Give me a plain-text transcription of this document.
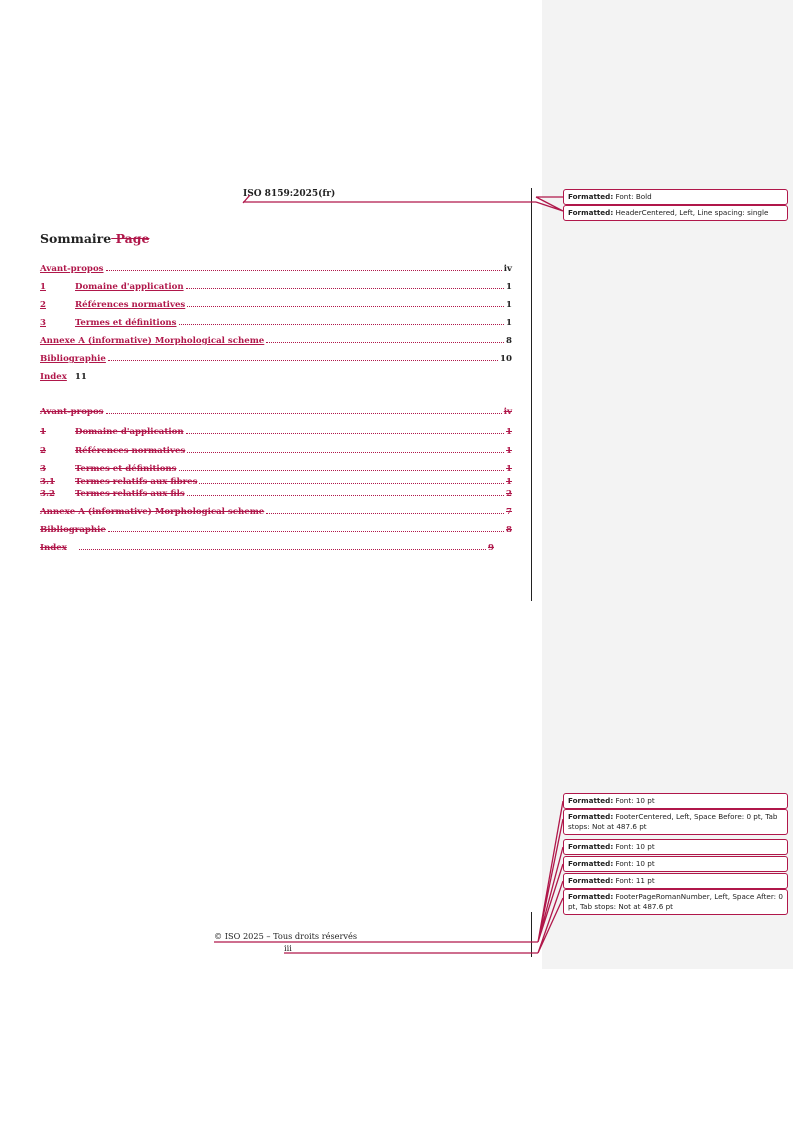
ISO 8159:2025(fr)
Sommaire Page
Avant-propos	iv
1	Domaine d'application	1
2	Références normatives	1
3	Termes et définitions	1
Annexe A (informative) Morphological scheme	8
Bibliographie	10
Index 11
Avant-propos	iv
1	Domaine d'application	1
2	Références normatives	1
3	Termes et définitions	1
3.1	Termes relatifs aux fibres	1
3.2	Termes relatifs aux fils	2
Annexe A (informative) Morphological scheme	7
Bibliographie	8
Index	9
© ISO 2025 – Tous droits réservés
iii
Formatted: Font: Bold
Formatted: HeaderCentered, Left, Line spacing: single
Formatted: Font: 10 pt
Formatted: FooterCentered, Left, Space Before: 0 pt, Tab stops: Not at 487.6 pt
Formatted: Font: 10 pt
Formatted: Font: 10 pt
Formatted: Font: 11 pt
Formatted: FooterPageRomanNumber, Left, Space After: 0 pt, Tab stops: Not at 487.6 pt
